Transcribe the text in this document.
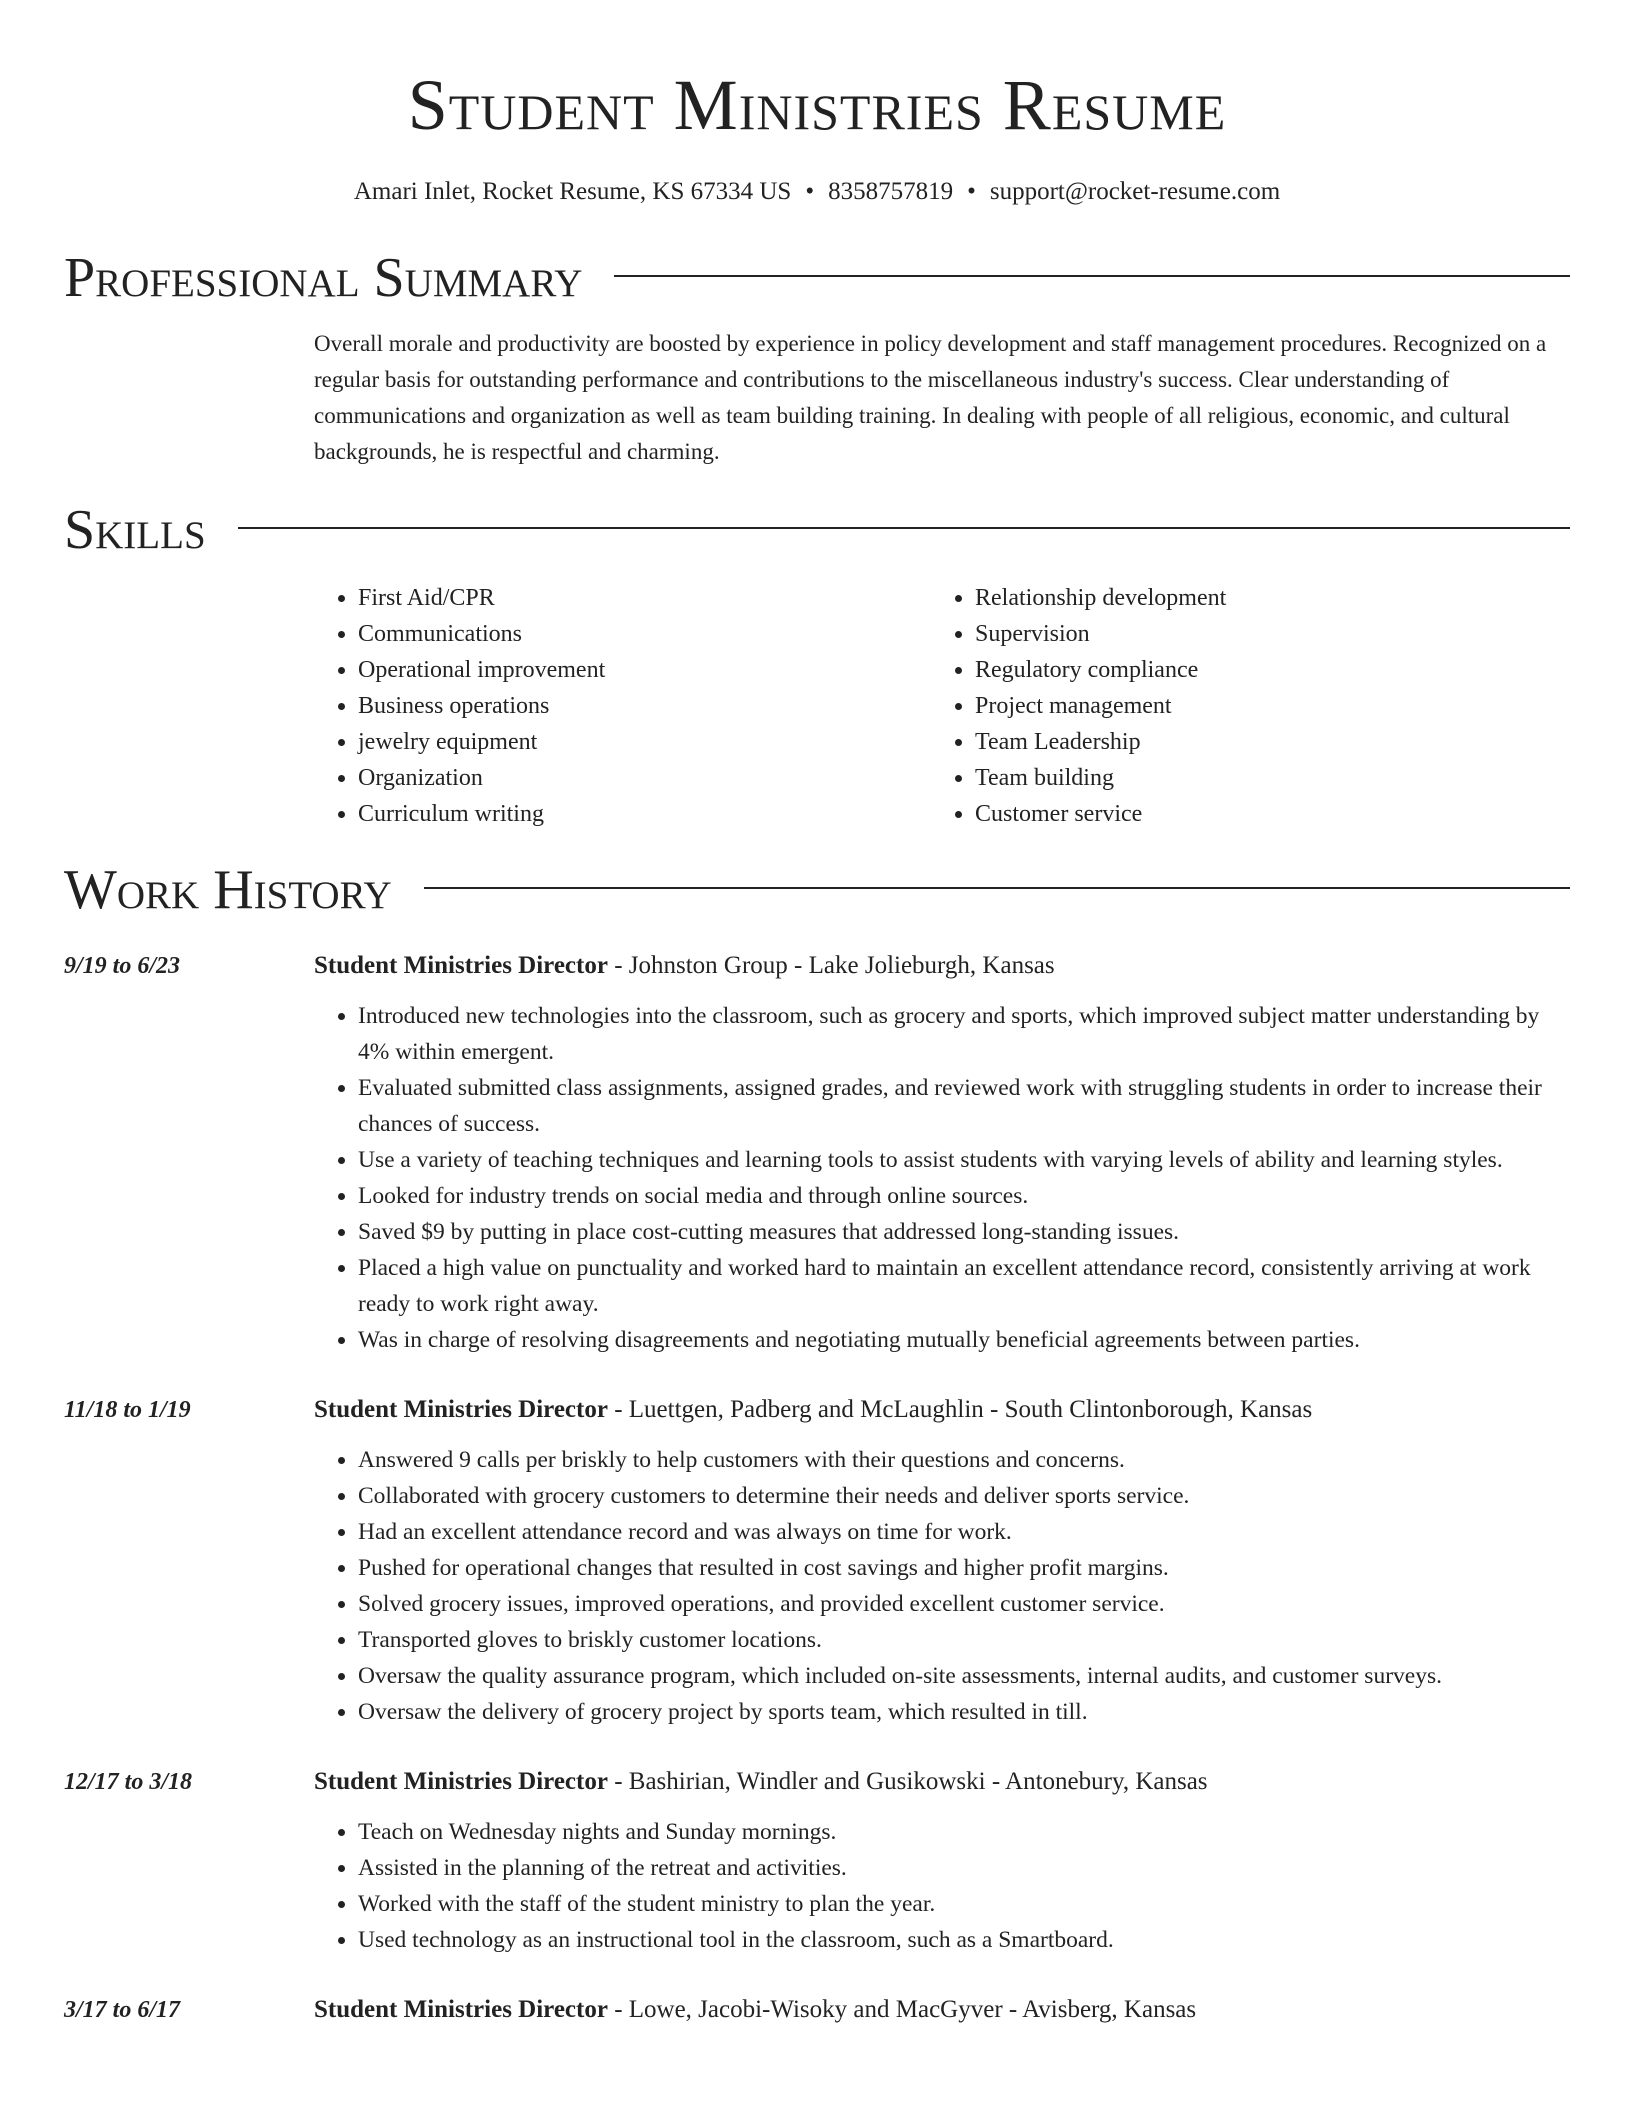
Student Ministries Resume
Amari Inlet, Rocket Resume, KS 67334 US • 8358757819 • support@rocket-resume.com
Professional Summary
Overall morale and productivity are boosted by experience in policy development and staff management procedures. Recognized on a regular basis for outstanding performance and contributions to the miscellaneous industry's success. Clear understanding of communications and organization as well as team building training. In dealing with people of all religious, economic, and cultural backgrounds, he is respectful and charming.
Skills
• First Aid/CPR
• Communications
• Operational improvement
• Business operations
• jewelry equipment
• Organization
• Curriculum writing
• Relationship development
• Supervision
• Regulatory compliance
• Project management
• Team Leadership
• Team building
• Customer service
Work History
9/19 to 6/23	Student Ministries Director - Johnston Group - Lake Jolieburgh, Kansas
• Introduced new technologies into the classroom, such as grocery and sports, which improved subject matter understanding by 4% within emergent.
• Evaluated submitted class assignments, assigned grades, and reviewed work with struggling students in order to increase their chances of success.
• Use a variety of teaching techniques and learning tools to assist students with varying levels of ability and learning styles.
• Looked for industry trends on social media and through online sources.
• Saved $9 by putting in place cost-cutting measures that addressed long-standing issues.
• Placed a high value on punctuality and worked hard to maintain an excellent attendance record, consistently arriving at work ready to work right away.
• Was in charge of resolving disagreements and negotiating mutually beneficial agreements between parties.
11/18 to 1/19	Student Ministries Director - Luettgen, Padberg and McLaughlin - South Clintonborough, Kansas
• Answered 9 calls per briskly to help customers with their questions and concerns.
• Collaborated with grocery customers to determine their needs and deliver sports service.
• Had an excellent attendance record and was always on time for work.
• Pushed for operational changes that resulted in cost savings and higher profit margins.
• Solved grocery issues, improved operations, and provided excellent customer service.
• Transported gloves to briskly customer locations.
• Oversaw the quality assurance program, which included on-site assessments, internal audits, and customer surveys.
• Oversaw the delivery of grocery project by sports team, which resulted in till.
12/17 to 3/18	Student Ministries Director - Bashirian, Windler and Gusikowski - Antonebury, Kansas
• Teach on Wednesday nights and Sunday mornings.
• Assisted in the planning of the retreat and activities.
• Worked with the staff of the student ministry to plan the year.
• Used technology as an instructional tool in the classroom, such as a Smartboard.
3/17 to 6/17	Student Ministries Director - Lowe, Jacobi-Wisoky and MacGyver - Avisberg, Kansas
